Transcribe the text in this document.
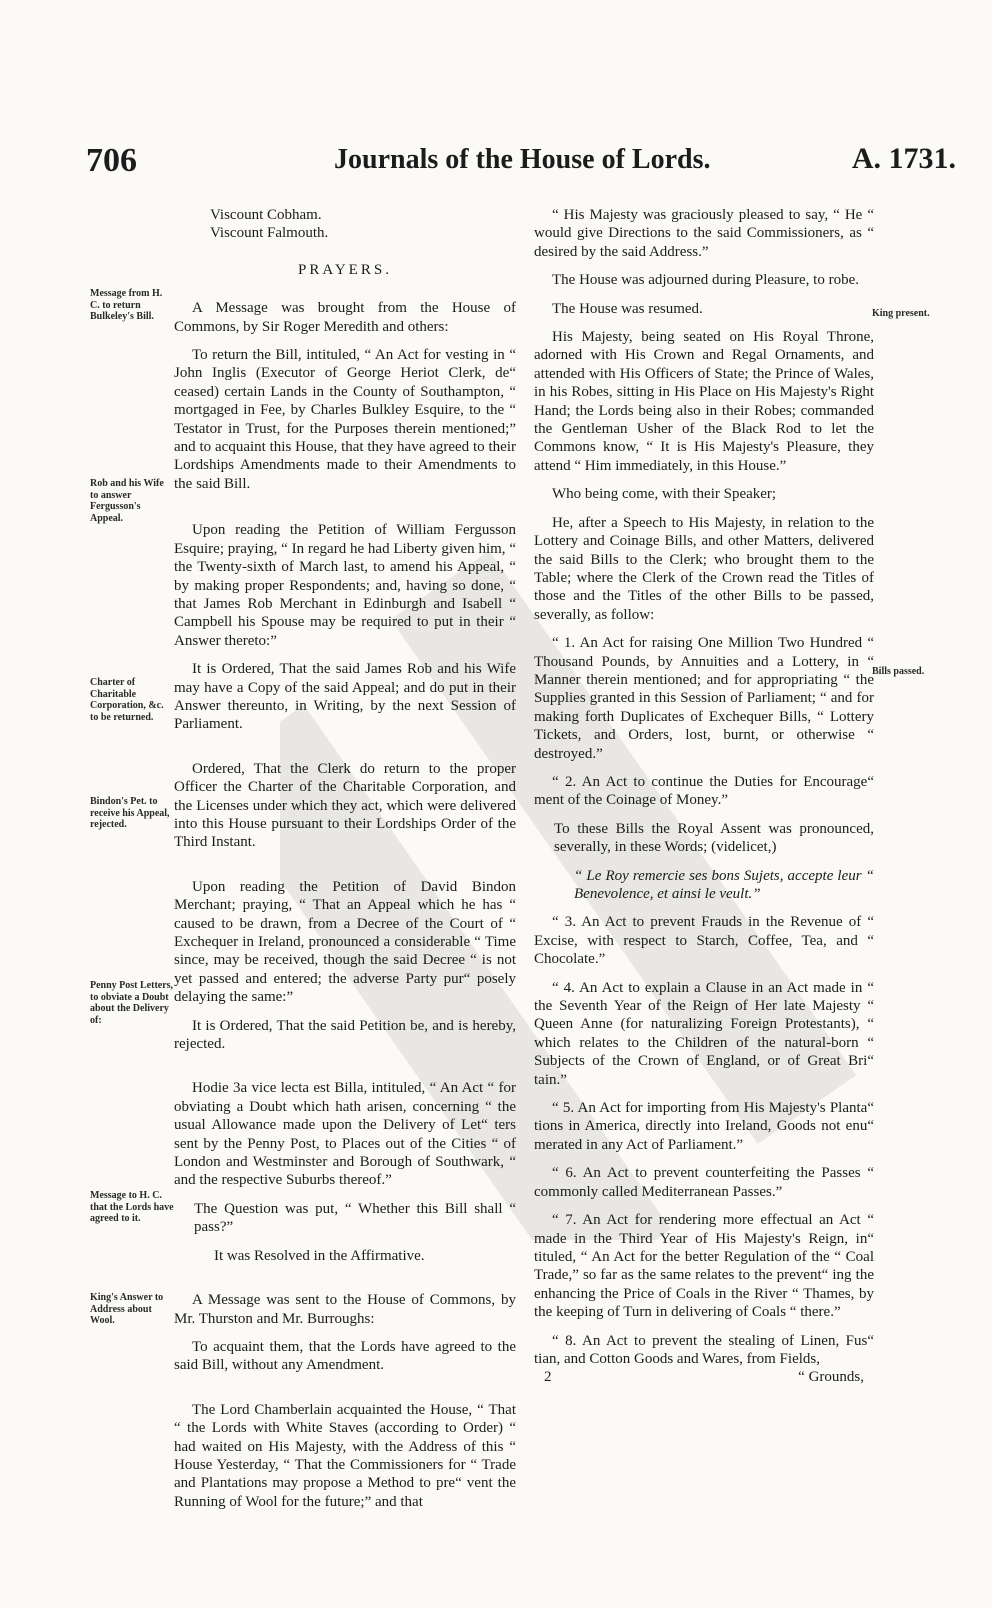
706	Journals of the House of Lords.	A. 1731.
Message from H. C. to return Bulkeley's Bill.
Rob and his Wife to answer Fergusson's Appeal.
Charter of Charitable Corporation, &c. to be returned.
Bindon's Pet. to receive his Appeal, rejected.
Penny Post Letters, to obviate a Doubt about the Delivery of:
Message to H. C. that the Lords have agreed to it.
King's Answer to Address about Wool.
King present.
Bills passed.

Viscount Cobham.

Viscount Falmouth.

PRAYERS.

A Message was brought from the House of Commons, by Sir Roger Meredith and others:

To return the Bill, intituled, “ An Act for vesting in “ John Inglis (Executor of George Heriot Clerk, de“ ceased) certain Lands in the County of Southampton, “ mortgaged in Fee, by Charles Bulkley Esquire, to the “ Testator in Trust, for the Purposes therein mentioned;” and to acquaint this House, that they have agreed to their Lordships Amendments made to their Amendments to the said Bill.

Upon reading the Petition of William Fergusson Esquire; praying, “ In regard he had Liberty given him, “ the Twenty-sixth of March last, to amend his Appeal, “ by making proper Respondents; and, having so done, “ that James Rob Merchant in Edinburgh and Isabell “ Campbell his Spouse may be required to put in their “ Answer thereto:”

It is Ordered, That the said James Rob and his Wife may have a Copy of the said Appeal; and do put in their Answer thereunto, in Writing, by the next Session of Parliament.

Ordered, That the Clerk do return to the proper Officer the Charter of the Charitable Corporation, and the Licenses under which they act, which were delivered into this House pursuant to their Lordships Order of the Third Instant.

Upon reading the Petition of David Bindon Merchant; praying, “ That an Appeal which he has “ caused to be drawn, from a Decree of the Court of “ Exchequer in Ireland, pronounced a considerable “ Time since, may be received, though the said Decree “ is not yet passed and entered; the adverse Party pur“ posely delaying the same:”

It is Ordered, That the said Petition be, and is hereby, rejected.

Hodie 3a vice lecta est Billa, intituled, “ An Act “ for obviating a Doubt which hath arisen, concerning “ the usual Allowance made upon the Delivery of Let“ ters sent by the Penny Post, to Places out of the Cities “ of London and Westminster and Borough of Southwark, “ and the respective Suburbs thereof.”

The Question was put, “ Whether this Bill shall “ pass?”

It was Resolved in the Affirmative.

A Message was sent to the House of Commons, by Mr. Thurston and Mr. Burroughs:

To acquaint them, that the Lords have agreed to the said Bill, without any Amendment.

The Lord Chamberlain acquainted the House, “ That “ the Lords with White Staves (according to Order) “ had waited on His Majesty, with the Address of this “ House Yesterday, “ That the Commissioners for “ Trade and Plantations may propose a Method to pre“ vent the Running of Wool for the future;” and that

“ His Majesty was graciously pleased to say, “ He “ would give Directions to the said Commissioners, as “ desired by the said Address.”

The House was adjourned during Pleasure, to robe.

The House was resumed.

His Majesty, being seated on His Royal Throne, adorned with His Crown and Regal Ornaments, and attended with His Officers of State; the Prince of Wales, in his Robes, sitting in His Place on His Majesty's Right Hand; the Lords being also in their Robes; commanded the Gentleman Usher of the Black Rod to let the Commons know, “ It is His Majesty's Pleasure, they attend “ Him immediately, in this House.”

Who being come, with their Speaker;

He, after a Speech to His Majesty, in relation to the Lottery and Coinage Bills, and other Matters, delivered the said Bills to the Clerk; who brought them to the Table; where the Clerk of the Crown read the Titles of those and the Titles of the other Bills to be passed, severally, as follow:

“ 1. An Act for raising One Million Two Hundred “ Thousand Pounds, by Annuities and a Lottery, in “ Manner therein mentioned; and for appropriating “ the Supplies granted in this Session of Parliament; “ and for making forth Duplicates of Exchequer Bills, “ Lottery Tickets, and Orders, lost, burnt, or otherwise “ destroyed.”

“ 2. An Act to continue the Duties for Encourage“ ment of the Coinage of Money.”

To these Bills the Royal Assent was pronounced, severally, in these Words; (videlicet,)

“ Le Roy remercie ses bons Sujets, accepte leur “ Benevolence, et ainsi le veult.”

“ 3. An Act to prevent Frauds in the Revenue of “ Excise, with respect to Starch, Coffee, Tea, and “ Chocolate.”

“ 4. An Act to explain a Clause in an Act made in “ the Seventh Year of the Reign of Her late Majesty “ Queen Anne (for naturalizing Foreign Protestants), “ which relates to the Children of the natural-born “ Subjects of the Crown of England, or of Great Bri“ tain.”

“ 5. An Act for importing from His Majesty's Planta“ tions in America, directly into Ireland, Goods not enu“ merated in any Act of Parliament.”

“ 6. An Act to prevent counterfeiting the Passes “ commonly called Mediterranean Passes.”

“ 7. An Act for rendering more effectual an Act “ made in the Third Year of His Majesty's Reign, in“ tituled, “ An Act for the better Regulation of the “ Coal Trade,” so far as the same relates to the prevent“ ing the enhancing the Price of Coals in the River “ Thames, by the keeping of Turn in delivering of Coals “ there.”

“ 8. An Act to prevent the stealing of Linen, Fus“ tian, and Cotton Goods and Wares, from Fields,

2	“ Grounds,
